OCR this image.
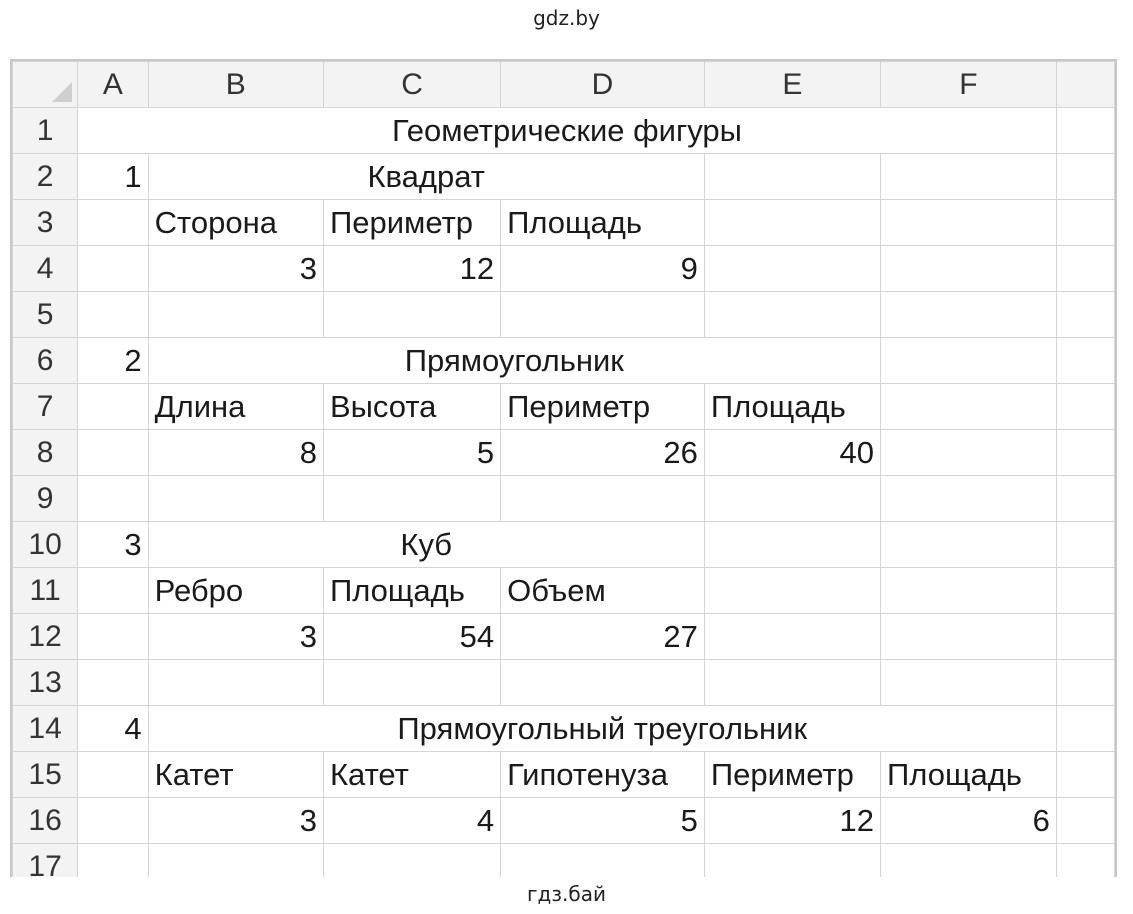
gdz.by
	A	B	C	D	E	F	
1	Геометрические фигуры						
2	1	Квадрат					
3		Сторона	Периметр	Площадь			
4		3	12	9			
5							
6	2	Прямоугольник					
7		Длина	Высота	Периметр	Площадь		
8		8	5	26	40		
9							
10	3	Куб					
11		Ребро	Площадь	Объем			
12		3	54	27			
13							
14	4	Прямоугольный треугольник					
15		Катет	Катет	Гипотенуза	Периметр	Площадь	
16		3	4	5	12	6	
17							
гдз.бай
